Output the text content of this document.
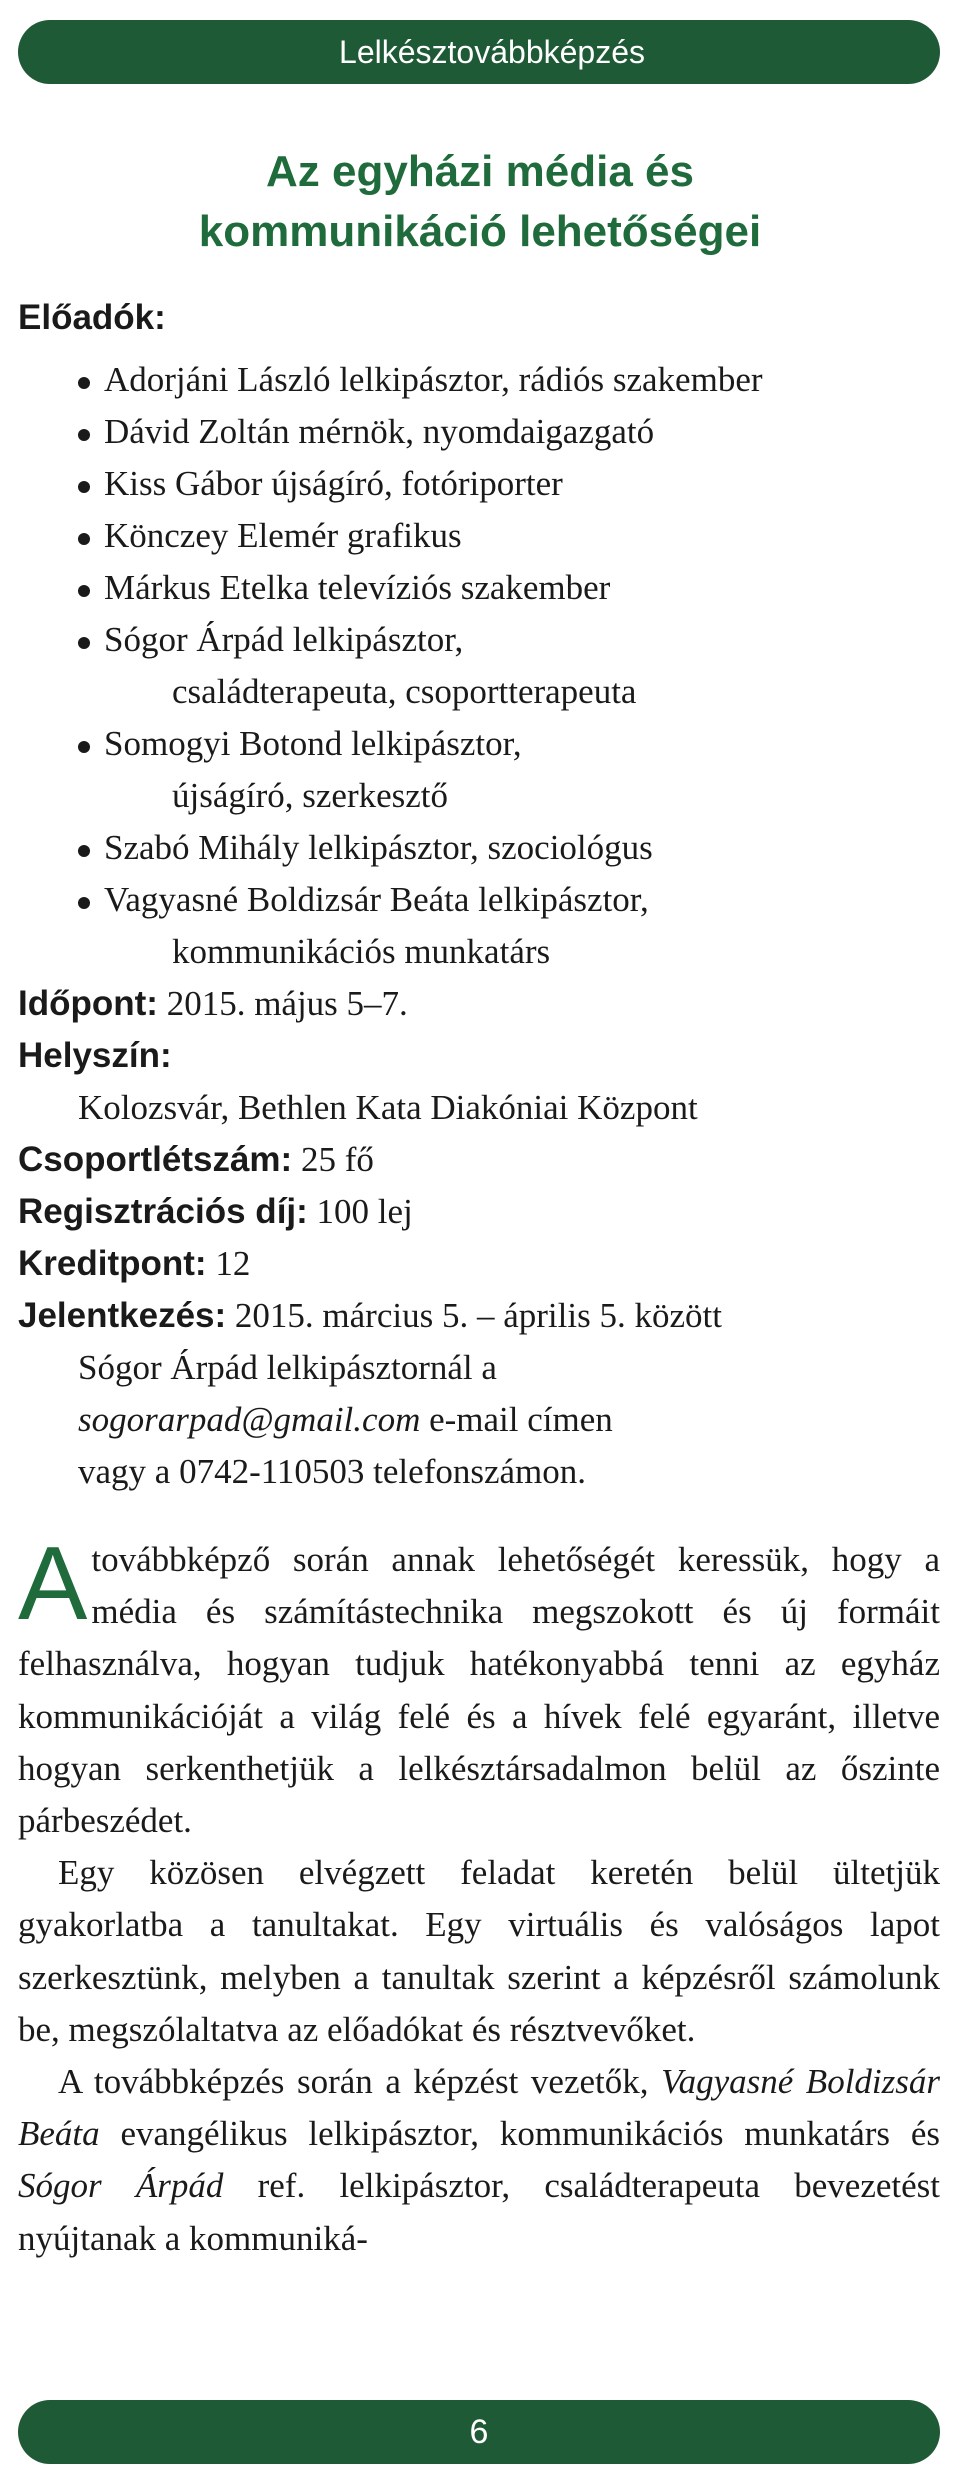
Lelkésztovábbképzés
Az egyházi média és
kommunikáció lehetőségei
Előadók:
Adorjáni László lelkipásztor, rádiós szakember
Dávid Zoltán mérnök, nyomdaigazgató
Kiss Gábor újságíró, fotóriporter
Könczey Elemér grafikus
Márkus Etelka televíziós szakember
Sógor Árpád lelkipásztor,
családterapeuta, csoportterapeuta
Somogyi Botond lelkipásztor,
újságíró, szerkesztő
Szabó Mihály lelkipásztor, szociológus
Vagyasné Boldizsár Beáta lelkipásztor,
kommunikációs munkatárs
Időpont: 2015. május 5–7.
Helyszín:
Kolozsvár, Bethlen Kata Diakóniai Központ
Csoportlétszám: 25 fő
Regisztrációs díj: 100 lej
Kreditpont: 12
Jelentkezés: 2015. március 5. – április 5. között
Sógor Árpád lelkipásztornál a
sogorarpad@gmail.com e-mail címen
vagy a 0742-110503 telefonszámon.

A továbbképző során annak lehetőségét keressük, hogy a média és számítástechnika megszokott és új formáit felhasználva, hogyan tudjuk hatékonyabbá tenni az egyház kommunikációját a világ felé és a hívek felé egyaránt, illetve hogyan serkenthetjük a lelkésztársadalmon belül az őszinte párbeszédet.

Egy közösen elvégzett feladat keretén belül ültetjük gyakorlatba a tanultakat. Egy virtuális és valóságos lapot szerkesztünk, melyben a tanultak szerint a képzésről számolunk be, megszólaltatva az előadókat és résztvevőket.

A továbbképzés során a képzést vezetők, Vagyasné Boldizsár Beáta evangélikus lelkipásztor, kommunikációs munkatárs és Sógor Árpád ref. lelkipásztor, családterapeuta bevezetést nyújtanak a kommuniká-

6
